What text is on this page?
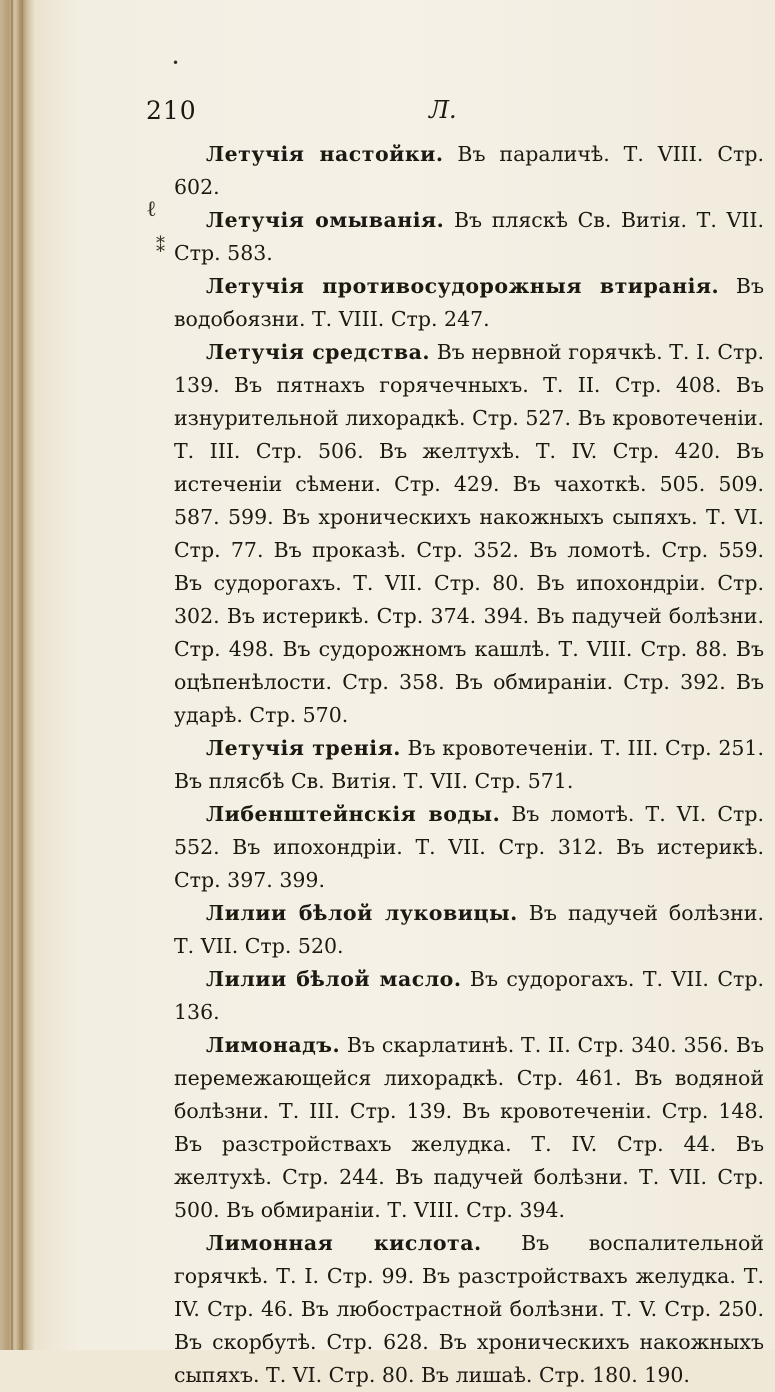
•
ℓ
⁑
210	Л.

Летучія настойки. Въ параличѣ. Т. VIII. Стр. 602.

Летучія омыванія. Въ пляскѣ Св. Витія. Т. VII. Стр. 583.

Летучія противосудорожныя втиранія. Въ водобоязни. Т. VIII. Стр. 247.

Летучія средства. Въ нервной горячкѣ. Т. I. Стр. 139. Въ пятнахъ горячечныхъ. Т. II. Стр. 408. Въ изнурительной лихорадкѣ. Стр. 527. Въ кровотеченіи. Т. III. Стр. 506. Въ желтухѣ. Т. IV. Стр. 420. Въ истеченіи сѣмени. Стр. 429. Въ чахоткѣ. 505. 509. 587. 599. Въ хроническихъ накожныхъ сыпяхъ. Т. VI. Стр. 77. Въ проказѣ. Стр. 352. Въ ломотѣ. Стр. 559. Въ судорогахъ. Т. VII. Стр. 80. Въ ипохондріи. Стр. 302. Въ истерикѣ. Стр. 374. 394. Въ падучей болѣзни. Стр. 498. Въ судорожномъ кашлѣ. Т. VIII. Стр. 88. Въ оцѣпенѣлости. Стр. 358. Въ обмираніи. Стр. 392. Въ ударѣ. Стр. 570.

Летучія тренія. Въ кровотеченіи. Т. III. Стр. 251. Въ плясбѣ Св. Витія. Т. VII. Стр. 571.

Либенштейнскія воды. Въ ломотѣ. Т. VI. Стр. 552. Въ ипохондріи. Т. VII. Стр. 312. Въ истерикѣ. Стр. 397. 399.

Лилии бѣлой луковицы. Въ падучей болѣзни. Т. VII. Стр. 520.

Лилии бѣлой масло. Въ судорогахъ. Т. VII. Стр. 136.

Лимонадъ. Въ скарлатинѣ. Т. II. Стр. 340. 356. Въ перемежающейся лихорадкѣ. Стр. 461. Въ водяной болѣзни. Т. III. Стр. 139. Въ кровотеченіи. Стр. 148. Въ разстройствахъ желудка. Т. IV. Стр. 44. Въ желтухѣ. Стр. 244. Въ падучей болѣзни. Т. VII. Стр. 500. Въ обмираніи. Т. VIII. Стр. 394.

Лимонная кислота. Въ воспалительной горячкѣ. Т. I. Стр. 99. Въ разстройствахъ желудка. Т. IV. Стр. 46. Въ любострастной болѣзни. Т. V. Стр. 250. Въ скорбутѣ. Стр. 628. Въ хроническихъ накожныхъ сыпяхъ. Т. VI. Стр. 80. Въ лишаѣ. Стр. 180. 190.
